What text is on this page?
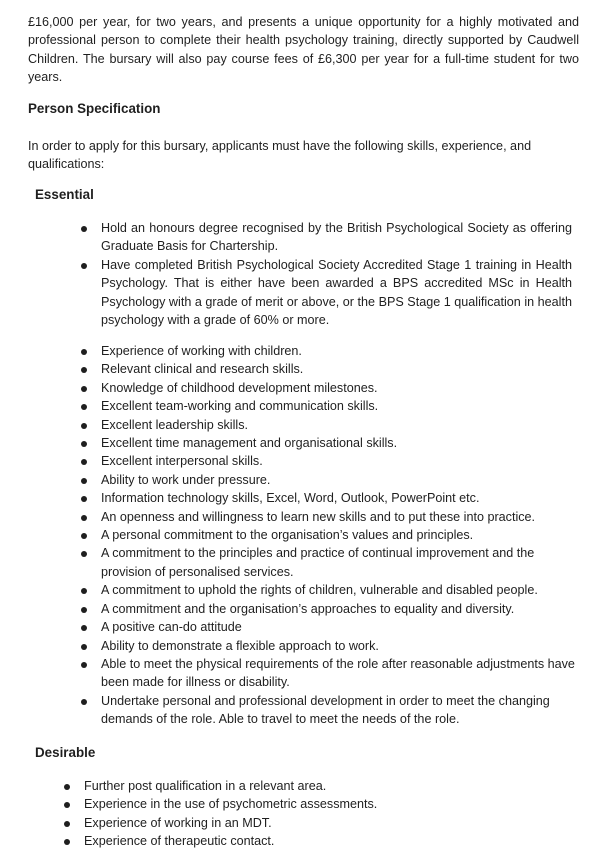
£16,000 per year, for two years, and presents a unique opportunity for a highly motivated and professional person to complete their health psychology training, directly supported by Caudwell Children. The bursary will also pay course fees of £6,300 per year for a full-time student for two years.

Person Specification

In order to apply for this bursary, applicants must have the following skills, experience, and qualifications:

Essential
Hold an honours degree recognised by the British Psychological Society as offering Graduate Basis for Chartership.
Have completed British Psychological Society Accredited Stage 1 training in Health Psychology. That is either have been awarded a BPS accredited MSc in Health Psychology with a grade of merit or above, or the BPS Stage 1 qualification in health psychology with a grade of 60% or more.
Experience of working with children.
Relevant clinical and research skills.
Knowledge of childhood development milestones.
Excellent team-working and communication skills.
Excellent leadership skills.
Excellent time management and organisational skills.
Excellent interpersonal skills.
Ability to work under pressure.
Information technology skills, Excel, Word, Outlook, PowerPoint etc.
An openness and willingness to learn new skills and to put these into practice.
A personal commitment to the organisation’s values and principles.
A commitment to the principles and practice of continual improvement and the provision of personalised services.
A commitment to uphold the rights of children, vulnerable and disabled people.
A commitment and the organisation’s approaches to equality and diversity.
A positive can-do attitude
Ability to demonstrate a flexible approach to work.
Able to meet the physical requirements of the role after reasonable adjustments have been made for illness or disability.
Undertake personal and professional development in order to meet the changing demands of the role. Able to travel to meet the needs of the role.
Desirable
Further post qualification in a relevant area.
Experience in the use of psychometric assessments.
Experience of working in an MDT.
Experience of therapeutic contact.
